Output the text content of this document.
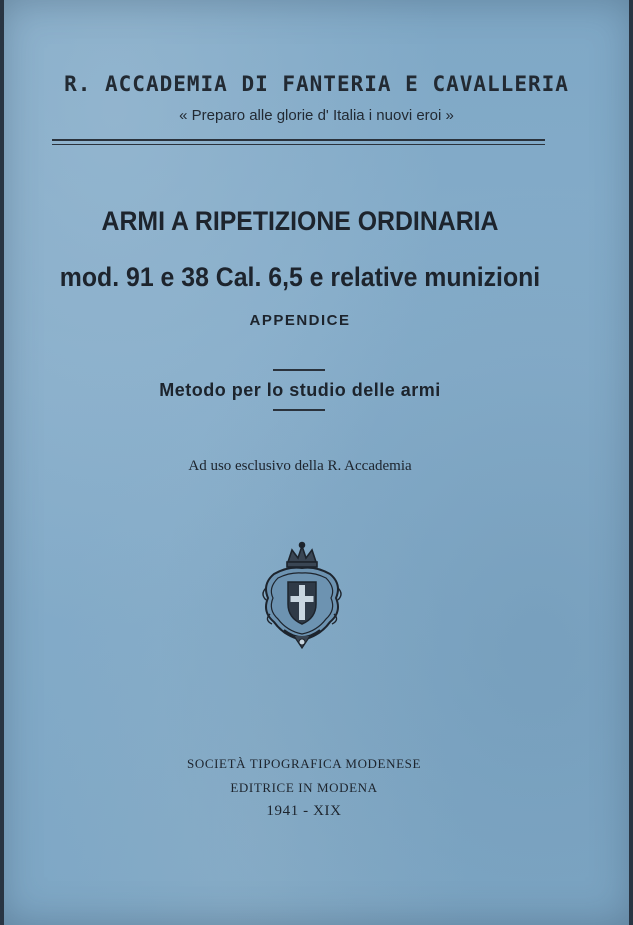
R. ACCADEMIA DI FANTERIA E CAVALLERIA
« Preparo alle glorie d' Italia i nuovi eroi »
ARMI A RIPETIZIONE ORDINARIA
mod. 91 e 38 Cal. 6,5 e relative munizioni
APPENDICE
Metodo per lo studio delle armi
Ad uso esclusivo della R. Accademia
SOCIETÀ TIPOGRAFICA MODENESE
EDITRICE IN MODENA
1941 - XIX
